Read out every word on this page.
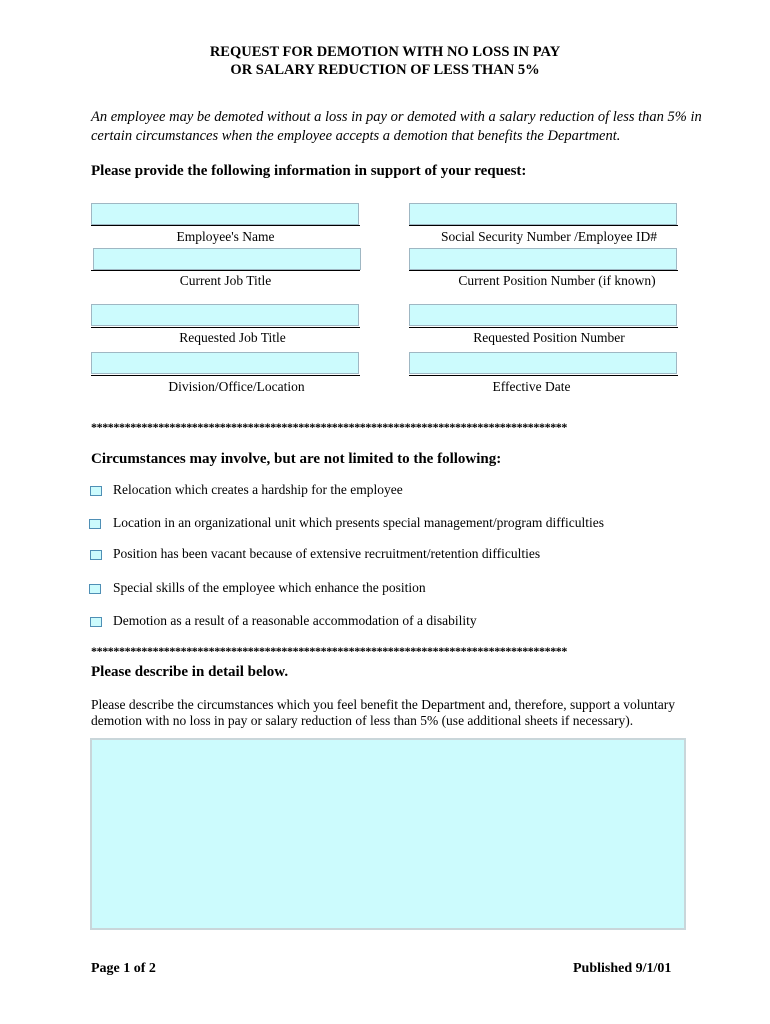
REQUEST FOR DEMOTION WITH NO LOSS IN PAY
OR SALARY REDUCTION OF LESS THAN 5%
An employee may be demoted without a loss in pay or demoted with a salary reduction of less than 5% in certain circumstances when the employee accepts a demotion that benefits the Department.
Please provide the following information in support of your request:
Employee's Name	Social Security Number /Employee ID#
Current Job Title	Current Position Number (if known)
Requested Job Title	Requested Position Number
Division/Office/Location	Effective Date
*************************************************************************************
Circumstances may involve, but are not limited to the following:
Relocation which creates a hardship for the employee
Location in an organizational unit which presents special management/program difficulties
Position has been vacant because of extensive recruitment/retention difficulties
Special skills of the employee which enhance the position
Demotion as a result of a reasonable accommodation of a disability
*************************************************************************************
Please describe in detail below.
Please describe the circumstances which you feel benefit the Department and, therefore, support a voluntary demotion with no loss in pay or salary reduction of less than 5% (use additional sheets if necessary).
Page 1 of 2	Published 9/1/01
